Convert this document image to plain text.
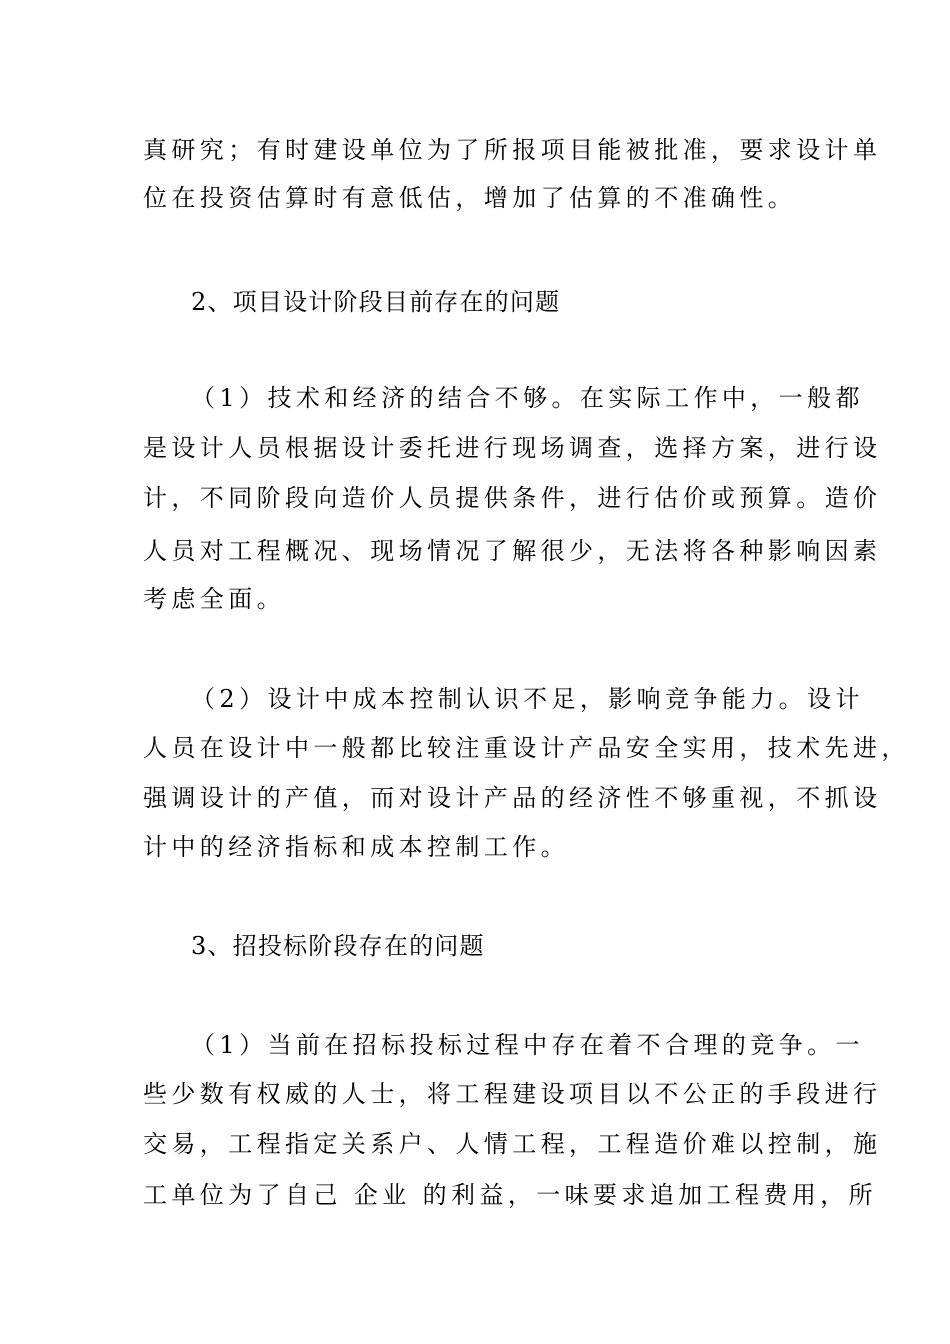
真研究；有时建设单位为了所报项目能被批准，要求设计单
位在投资估算时有意低估，增加了估算的不准确性。
2、项目设计阶段目前存在的问题
（1）技术和经济的结合不够。在实际工作中，一般都
是设计人员根据设计委托进行现场调查，选择方案，进行设
计，不同阶段向造价人员提供条件，进行估价或预算。造价
人员对工程概况、现场情况了解很少，无法将各种影响因素
考虑全面。
（2）设计中成本控制认识不足，影响竞争能力。设计
人员在设计中一般都比较注重设计产品安全实用，技术先进，
强调设计的产值，而对设计产品的经济性不够重视，不抓设
计中的经济指标和成本控制工作。
3、招投标阶段存在的问题
（1）当前在招标投标过程中存在着不合理的竞争。一
些少数有权威的人士，将工程建设项目以不公正的手段进行
交易，工程指定关系户、人情工程，工程造价难以控制，施
工单位为了自己 企业 的利益，一味要求追加工程费用，所
